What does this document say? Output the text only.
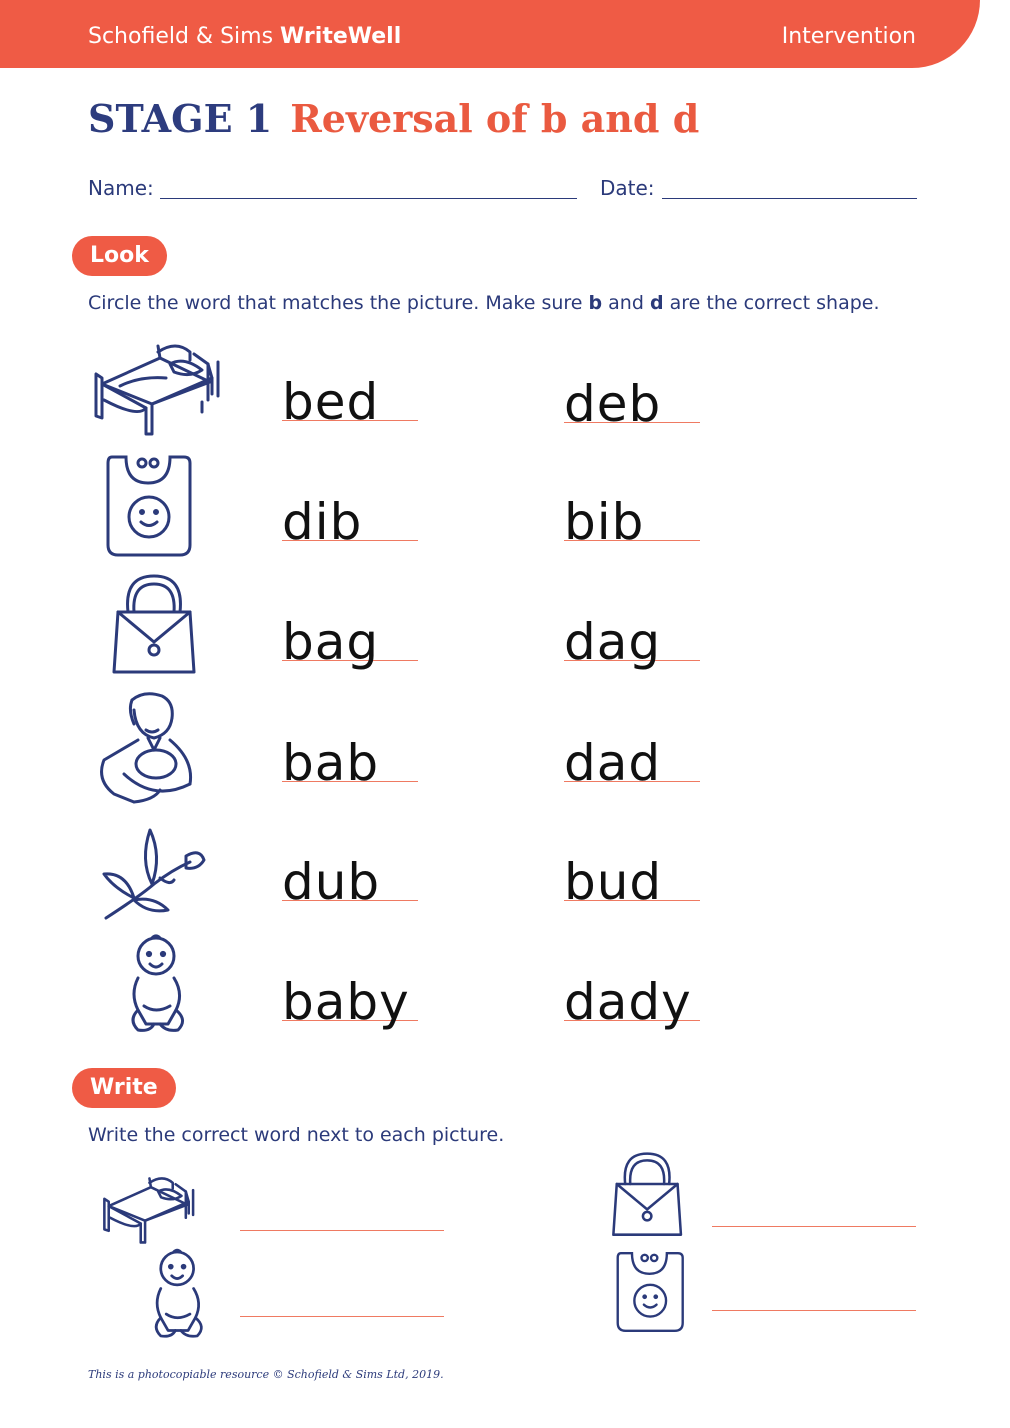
Schofield & Sims WriteWell	Intervention
STAGE 1 Reversal of b and d
Name:	Date:
Look
Circle the word that matches the picture. Make sure b and d are the correct shape.
bed	deb
dib	bib
bag	dag
bab	dad
dub	bud
baby	dady
Write
Write the correct word next to each picture.
This is a photocopiable resource © Schofield & Sims Ltd, 2019.
